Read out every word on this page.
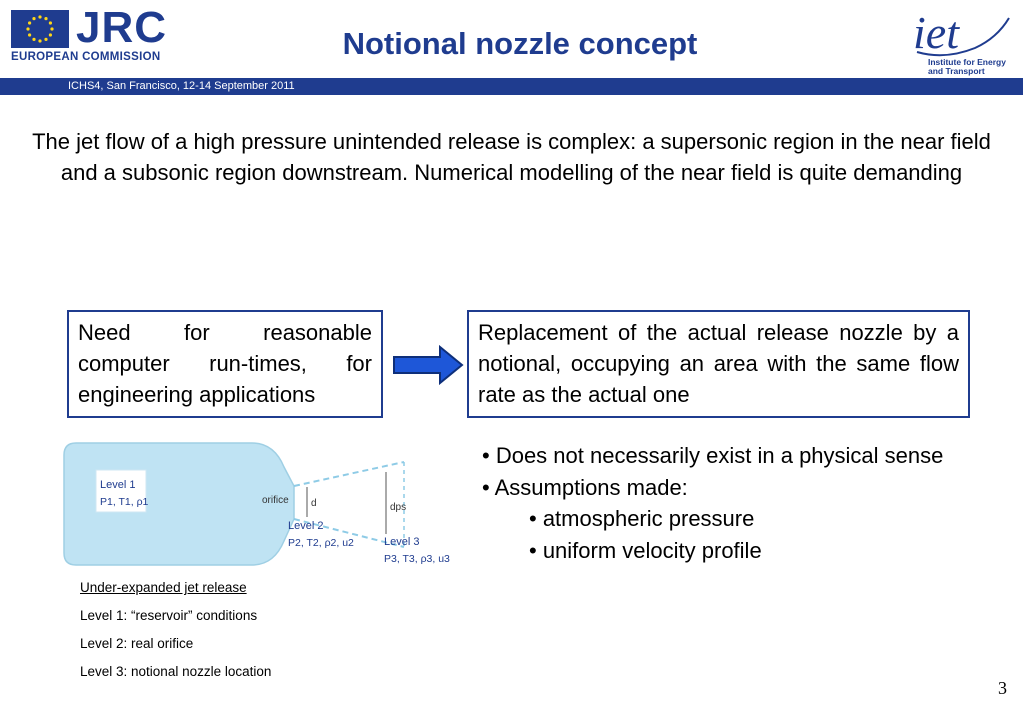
JRC
EUROPEAN COMMISSION	Notional nozzle concept	iet
Institute for Energy
and Transport
ICHS4, San Francisco, 12-14 September 2011
The jet flow of a high pressure unintended release is complex: a supersonic region in the near field and a subsonic region downstream. Numerical modelling of the near field is quite demanding
Need for reasonable computer run-times, for engineering applications
Replacement of the actual release nozzle by a notional, occupying an area with the same flow rate as the actual one
Level 1
P1, T1, ρ1	orifice d	dps
Level 2
P2, T2, ρ2, u2	Level 3
P3, T3, ρ3, u3
• Does not necessarily exist in a physical sense
• Assumptions made:
• atmospheric pressure
• uniform velocity profile
Under-expanded jet release
Level 1: “reservoir” conditions
Level 2: real orifice
Level 3: notional nozzle location
3
